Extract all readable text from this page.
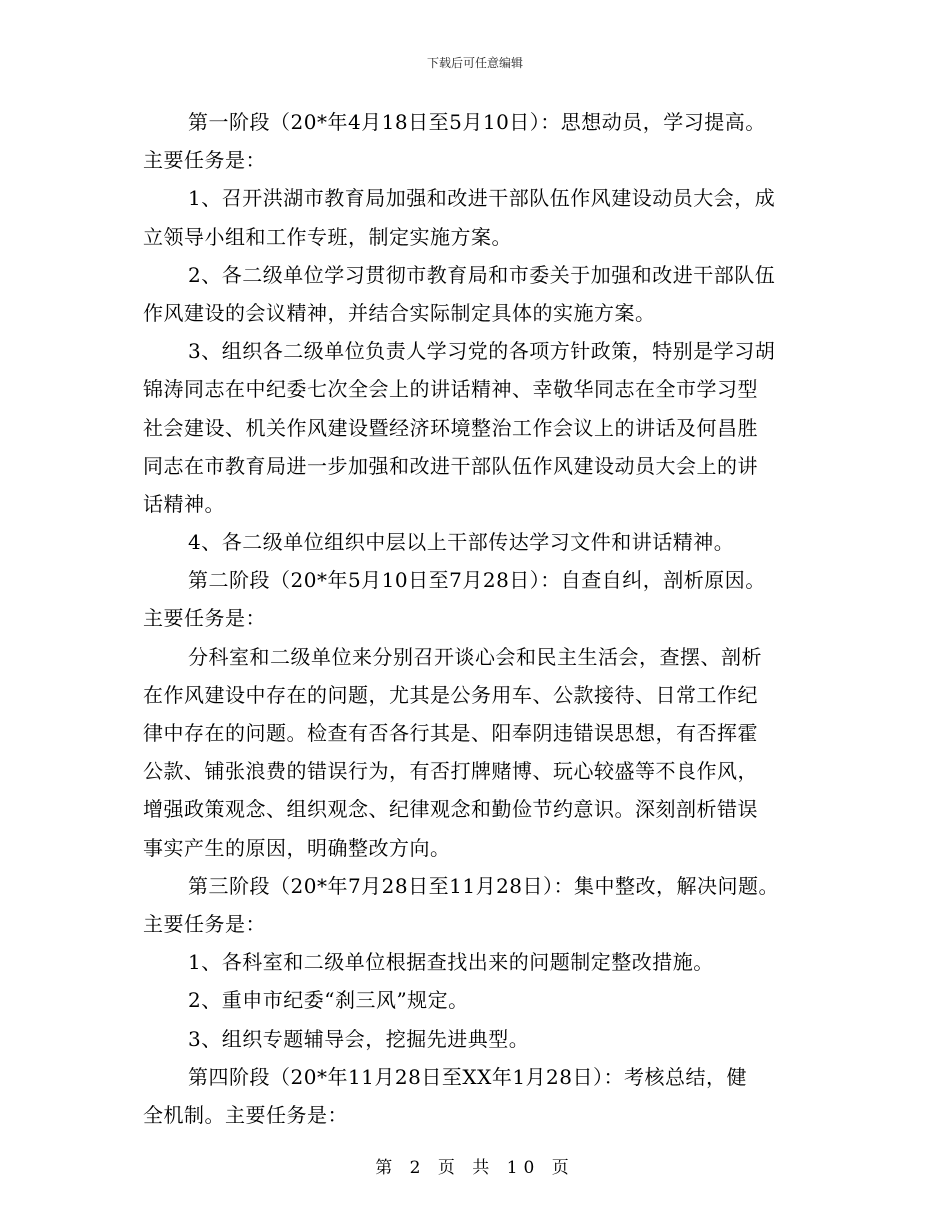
下载后可任意编辑
第一阶段（20*年4月18日至5月10日）：思想动员，学习提高。
主要任务是：
1、召开洪湖市教育局加强和改进干部队伍作风建设动员大会，成
立领导小组和工作专班，制定实施方案。
2、各二级单位学习贯彻市教育局和市委关于加强和改进干部队伍
作风建设的会议精神，并结合实际制定具体的实施方案。
3、组织各二级单位负责人学习党的各项方针政策，特别是学习胡
锦涛同志在中纪委七次全会上的讲话精神、幸敬华同志在全市学习型
社会建设、机关作风建设暨经济环境整治工作会议上的讲话及何昌胜
同志在市教育局进一步加强和改进干部队伍作风建设动员大会上的讲
话精神。
4、各二级单位组织中层以上干部传达学习文件和讲话精神。
第二阶段（20*年5月10日至7月28日）：自查自纠，剖析原因。
主要任务是：
分科室和二级单位来分别召开谈心会和民主生活会，查摆、剖析
在作风建设中存在的问题，尤其是公务用车、公款接待、日常工作纪
律中存在的问题。检查有否各行其是、阳奉阴违错误思想，有否挥霍
公款、铺张浪费的错误行为，有否打牌赌博、玩心较盛等不良作风，
增强政策观念、组织观念、纪律观念和勤俭节约意识。深刻剖析错误
事实产生的原因，明确整改方向。
第三阶段（20*年7月28日至11月28日）：集中整改，解决问题。
主要任务是：
1、各科室和二级单位根据查找出来的问题制定整改措施。
2、重申市纪委“刹三风”规定。
3、组织专题辅导会，挖掘先进典型。
第四阶段（20*年11月28日至XX年1月28日）：考核总结，健
全机制。主要任务是：
第 2 页 共 10 页
